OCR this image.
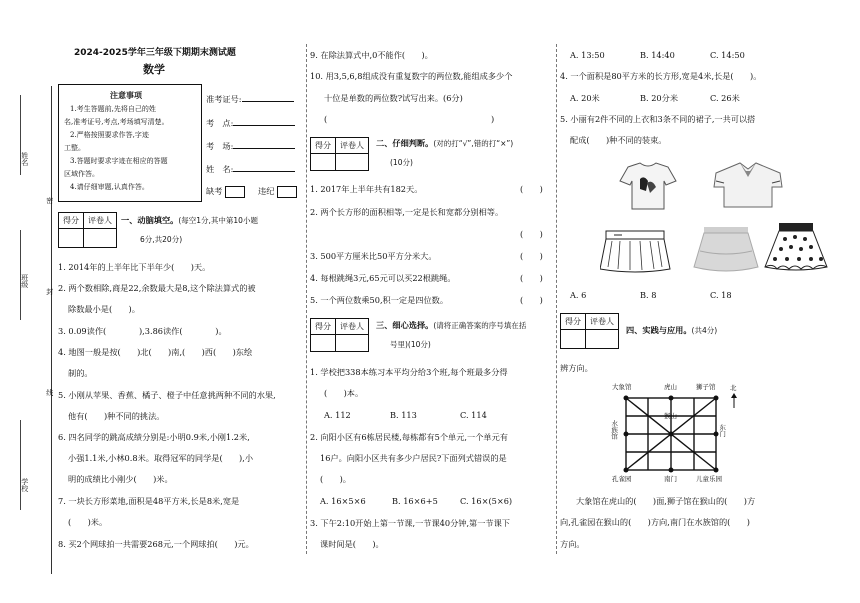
姓名
班级
学校
密
封
线
2024-2025学年三年级下期期末测试题
数学
注意事项
1.考生答题前,先将自己的姓
名,准考证号,考点,考场填写清楚。
2.严格按照要求作答,字迹
工整。
3.答题时要求字迹在相应的答题
区域作答。
4.请仔细审题,认真作答。
准考证号:
考　点:
考　场:
姓　名:
缺考	违纪
得分	评卷人
	一、动脑填空。(每空1分,其中第10小题
6分,共20分)
1. 2014年的上半年比下半年少(　　)天。
2. 两个数相除,商是22,余数最大是8,这个除法算式的被
除数最小是(　　)。
3. 0.09读作(　　　　),3.86读作(　　　　)。
4. 地图一般是按(　　)北(　　)南,(　　)西(　　)东绘
制的。
5. 小刚从苹果、香蕉、橘子、橙子中任意挑两种不同的水果,
他有(　　)种不同的挑法。
6. 四名同学的跳高成绩分别是:小明0.9米,小刚1.2米,
小强1.1米,小林0.8米。取得冠军的同学是(　　),小
明的成绩比小刚少(　　)米。
7. 一块长方形菜地,面积是48平方米,长是8米,宽是
(　　)米。
8. 买2个网球拍一共需要268元,一个网球拍(　　)元。
9. 在除法算式中,0不能作(　　)。
10. 用3,5,6,8组成没有重复数字的两位数,能组成多少个
十位是单数的两位数?试写出来。(6分)
(　　　　　　　　　　　　　　　　　　　　)
得分	评卷人
	二、仔细判断。(对的打“√”,错的打“×”)
(10分)
1. 2017年上半年共有182天。	(　　)
2. 两个长方形的面积相等,一定是长和宽都分别相等。
(　　)
3. 500平方厘米比50平方分米大。	(　　)
4. 每根跳绳3元,65元可以买22根跳绳。	(　　)
5. 一个两位数乘50,积一定是四位数。	(　　)
得分	评卷人
	三、细心选择。(请将正确答案的序号填在括
号里)(10分)
1. 学校把338本练习本平均分给3个班,每个班最多分得
(　　)本。
A. 112	B. 113	C. 114
2. 向阳小区有6栋居民楼,每栋都有5个单元,一个单元有
16户。向阳小区共有多少户居民?下面列式错误的是
(　　)。
A. 16×5×6	B. 16×6+5	C. 16×(5×6)
3. 下午2:10开始上第一节课,一节课40分钟,第一节课下
课时间是(　　)。
A. 13:50	B. 14:40	C. 14:50
4. 一个面积是80平方米的长方形,宽是4米,长是(　　)。
A. 20米	B. 20分米	C. 26米
5. 小丽有2件不同的上衣和3条不同的裙子,一共可以搭
配成(　　)种不同的装束。
A. 6	B. 8	C. 18
得分	评卷人

四、实践与应用。(共4分)
辨方向。
大象馆	虎山	狮子馆 北
猴山
水族馆	东门
孔雀园	南门	儿童乐园
大象馆在虎山的(　　)面,狮子馆在猴山的(　　)方
向,孔雀园在猴山的(　　)方向,南门在水族馆的(　　)
方向。
